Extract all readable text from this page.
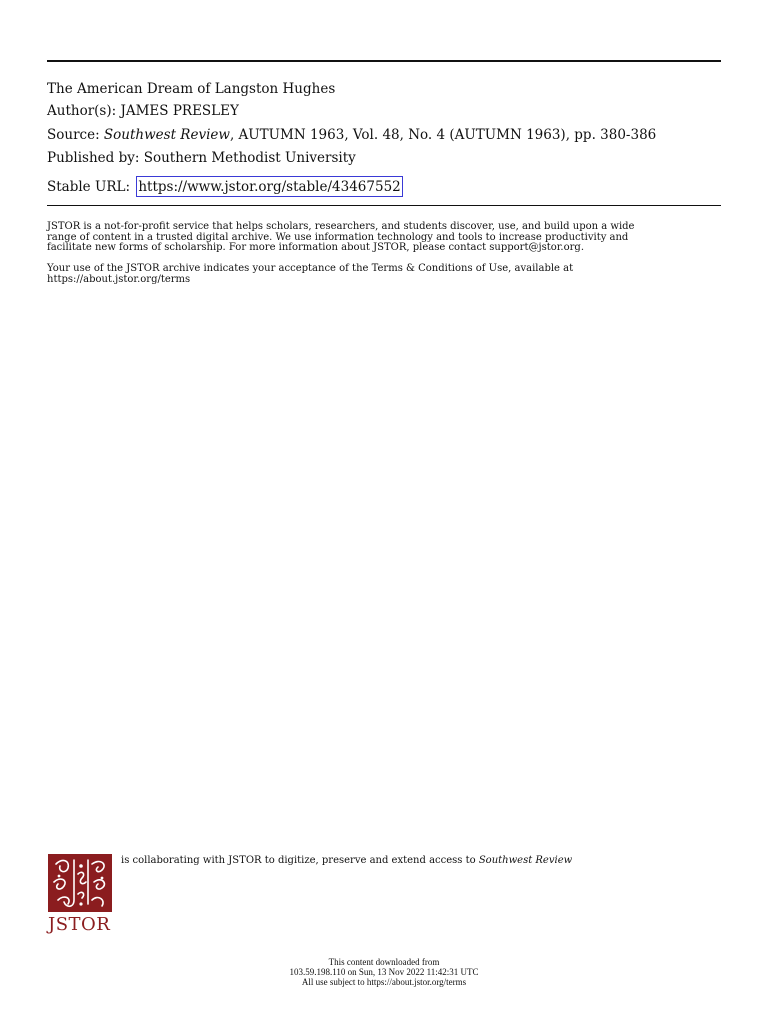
The American Dream of Langston Hughes
Author(s): JAMES PRESLEY
Source: Southwest Review, AUTUMN 1963, Vol. 48, No. 4 (AUTUMN 1963), pp. 380-386
Published by: Southern Methodist University
Stable URL: https://www.jstor.org/stable/43467552
JSTOR is a not-for-profit service that helps scholars, researchers, and students discover, use, and build upon a wide
range of content in a trusted digital archive. We use information technology and tools to increase productivity and
facilitate new forms of scholarship. For more information about JSTOR, please contact support@jstor.org.
Your use of the JSTOR archive indicates your acceptance of the Terms & Conditions of Use, available at
https://about.jstor.org/terms
JSTOR
is collaborating with JSTOR to digitize, preserve and extend access to Southwest Review
This content downloaded from
103.59.198.110 on Sun, 13 Nov 2022 11:42:31 UTC
All use subject to https://about.jstor.org/terms
